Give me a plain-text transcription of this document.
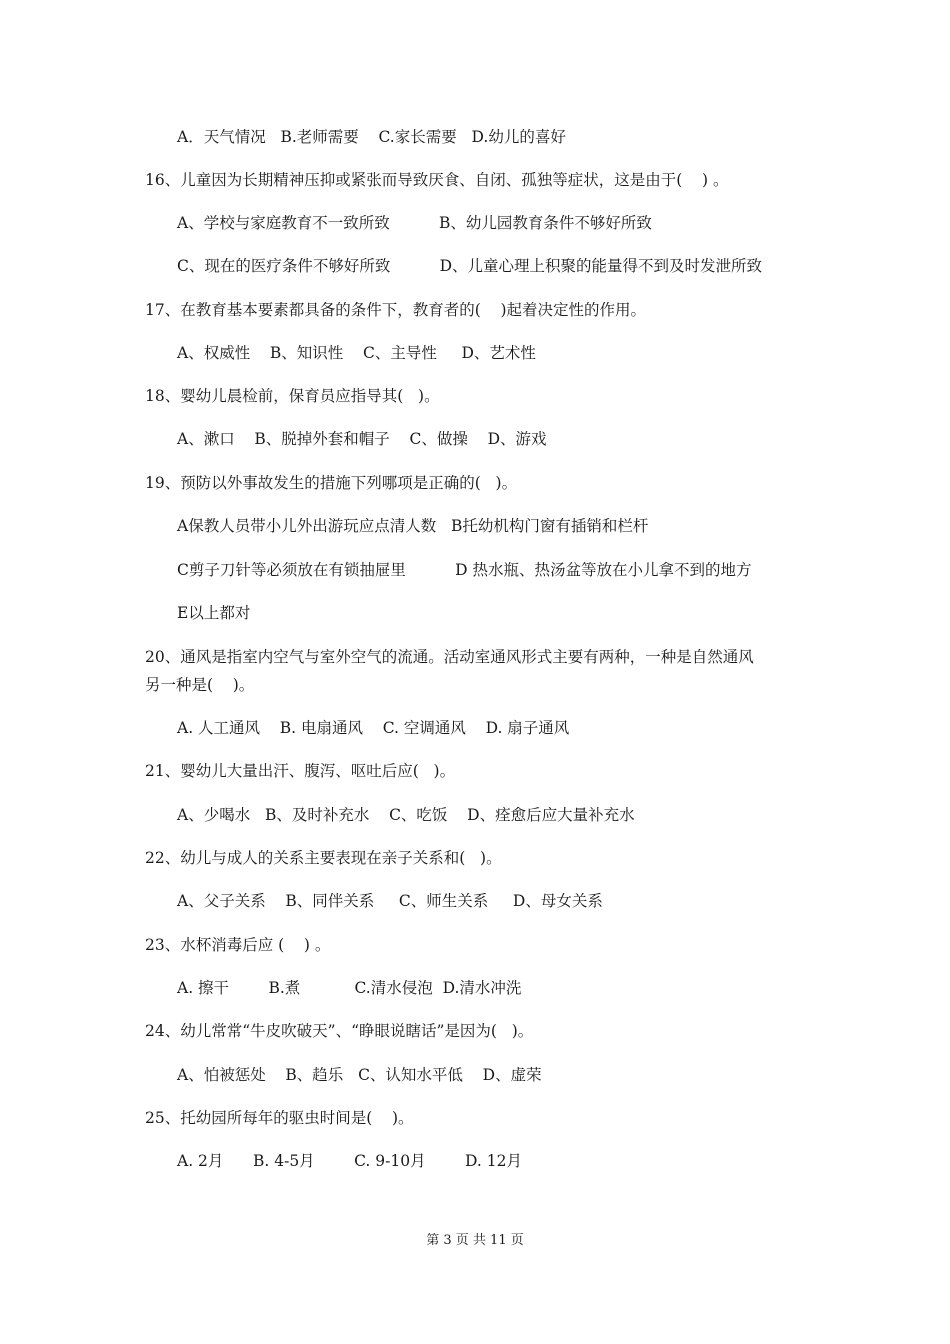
A．天气情况   B.老师需要    C.家长需要   D.幼儿的喜好
16、儿童因为长期精神压抑或紧张而导致厌食、自闭、孤独等症状，这是由于(    ) 。
A、学校与家庭教育不一致所致          B、幼儿园教育条件不够好所致
C、现在的医疗条件不够好所致          D、儿童心理上积聚的能量得不到及时发泄所致
17、在教育基本要素都具备的条件下，教育者的(    )起着决定性的作用。
A、权威性    B、知识性    C、主导性     D、艺术性
18、婴幼儿晨检前，保育员应指导其(   )。
A、漱口    B、脱掉外套和帽子    C、做操    D、游戏
19、预防以外事故发生的措施下列哪项是正确的(   )。
A保教人员带小儿外出游玩应点清人数   B托幼机构门窗有插销和栏杆
C剪子刀针等必须放在有锁抽屉里          D 热水瓶、热汤盆等放在小儿拿不到的地方
E以上都对
20、通风是指室内空气与室外空气的流通。活动室通风形式主要有两种，一种是自然通风
另一种是(    )。
A. 人工通风    B. 电扇通风    C. 空调通风    D. 扇子通风
21、婴幼儿大量出汗、腹泻、呕吐后应(   )。
A、少喝水   B、及时补充水    C、吃饭    D、痊愈后应大量补充水
22、幼儿与成人的关系主要表现在亲子关系和(   )。
A、父子关系    B、同伴关系     C、师生关系     D、母女关系
23、水杯消毒后应 (    ) 。
A. 擦干        B.煮           C.清水侵泡  D.清水冲洗
24、幼儿常常“牛皮吹破天”、“睁眼说瞎话”是因为(   )。
A、怕被惩处    B、趋乐   C、认知水平低    D、虚荣
25、托幼园所每年的驱虫时间是(    )。
A. 2月      B. 4-5月        C. 9-10月        D. 12月
第 3 页 共 11 页
